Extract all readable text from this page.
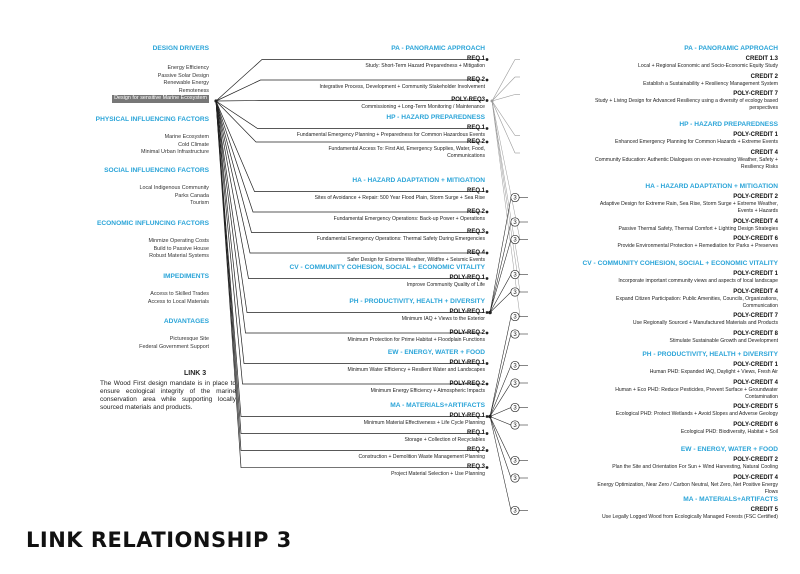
3
3
3
3
3
3
3
3
3
3
3
3
3
3
DESIGN DRIVERS
Energy Efficiency
Passive Solar Design
Renewable Energy
Remoteness
Design for sensitive Marine Ecosystem
PHYSICAL INFLUENCING FACTORS
Marine Ecosystem
Cold Climate
Minimal Urban Infrastructure
SOCIAL INFLUENCING FACTORS
Local Indigenous Community
Parks Canada
Tourism
ECONOMIC INFLUNCING FACTORS
Minmize Operating Costs
Build to Passive House
Robust Material Systems
IMPEDIMENTS
Access to Skilled Trades
Access to Local Materials
ADVANTAGES
Picturesque Site
Federal Government Support
PA - PANORAMIC APPROACH
REQ 1
Study: Short-Term Hazard Preparedness + Mitigation
REQ 2
Integrative Process, Development + Community Stakeholder Involvement
POLY-REQ3
Commissioning + Long-Term Monitoring / Maintenance
HP - HAZARD PREPAREDNESS
REQ 1
Fundamental Emergency Planning + Preparedness for Common Hazardous Events
REQ 2
Fundamental Access To: First Aid, Emergency Supplies, Water, Food,
Communications
HA - HAZARD ADAPTATION + MITIGATION
REQ 1
Sites of Avoidance + Repair: 500 Year Flood Plain, Storm Surge + Sea Rise
REQ 2
Fundamental Emergency Operations: Back-up Power + Operations
REQ 3
Fundamental Emergency Operations: Thermal Safety During Emergencies
REQ 4
Safer Design for Extreme Weather, Wildfire + Seismic Events
CV - COMMUNITY COHESION, SOCIAL + ECONOMIC VITALITY
POLY-REQ 1
Improve Community Quality of Life
PH - PRODUCTIVITY, HEALTH + DIVERSITY
POLY-REQ 1
Minimum IAQ + Views to the Exterior
POLY-REQ 2
Minimum Protection for Prime Habitat + Floodplain Functions
EW - ENERGY, WATER + FOOD
POLY-REQ 1
Minimum Water Efficiency + Resilient Water and Landscapes
POLY-REQ 2
Minimum Energy Efficiency + Atmospheric Impacts
MA - MATERIALS+ARTIFACTS
POLY-REQ 1
Minimum Material Effectiveness + Life Cycle Planning
REQ 1
Storage + Collection of Recyclables
REQ 2
Construction + Demolition Waste Management Planning
REQ 3
Project Material Selection + Use Planning
PA - PANORAMIC APPROACH
CREDIT 1.3
Local + Regional Economic and Socio-Economic Equity Study
CREDIT 2
Establish a Sustainability + Resiliency Management System
POLY-CREDIT 7
Study + Living Design for Advanced Resiliency using a diversity of ecology based
perspectives
HP - HAZARD PREPAREDNESS
POLY-CREDIT 1
Enhanced Emergency Planning for Common Hazards + Extreme Events
CREDIT 4
Community Education: Authentic Dialogues on ever-increasing Weather, Safety +
Resiliency Risks
HA - HAZARD ADAPTATION + MITIGATION
POLY-CREDIT 2
Adaptive Design for Extreme Rain, Sea Rise, Storm Surge + Extreme Weather,
Events + Hazards
POLY-CREDIT 4
Passive Thermal Safety, Thermal Comfort + Lighting Design Strategies
POLY-CREDIT 6
Provide Environmental Protection + Remediation for Parks + Preserves
CV - COMMUNITY COHESION, SOCIAL + ECONOMIC VITALITY
POLY-CREDIT 1
Incorporate important community views and aspects of local landscape
POLY-CREDIT 4
Expand Citizen Participation: Public Amenities, Councils, Organizations,
Communication
POLY-CREDIT 7
Use Regionally Sourced + Manufactured Materials and Products
POLY-CREDIT 8
Stimulate Sustainable Growth and Development
PH - PRODUCTIVITY, HEALTH + DIVERSITY
POLY-CREDIT 1
Human PHD: Expanded IAQ, Daylight + Views, Fresh Air
POLY-CREDIT 4
Human + Eco PHD: Reduce Pesticides, Prevent Surface + Groundwater
Contamination
POLY-CREDIT 5
Ecological PHD: Protect Wetlands + Avoid Slopes and Adverse Geology
POLY-CREDIT 6
Ecological PHD: Biodiversity, Habitat + Soil
EW - ENERGY, WATER + FOOD
POLY-CREDIT 2
Plan the Site and Orientation For Sun + Wind Harvesting, Natural Cooling
POLY-CREDIT 4
Energy Optimization, Near Zero / Carbon Neutral, Net Zero, Net Positive Energy
Flows
MA - MATERIALS+ARTIFACTS
CREDIT 5
Use Legally Logged Wood from Ecologically Managed Forests (FSC Certified)
LINK 3
The Wood First design mandate is in place to ensure ecological integrity of the marine conservation area while supporting locally sourced materials and products.
LINK RELATIONSHIP 3
